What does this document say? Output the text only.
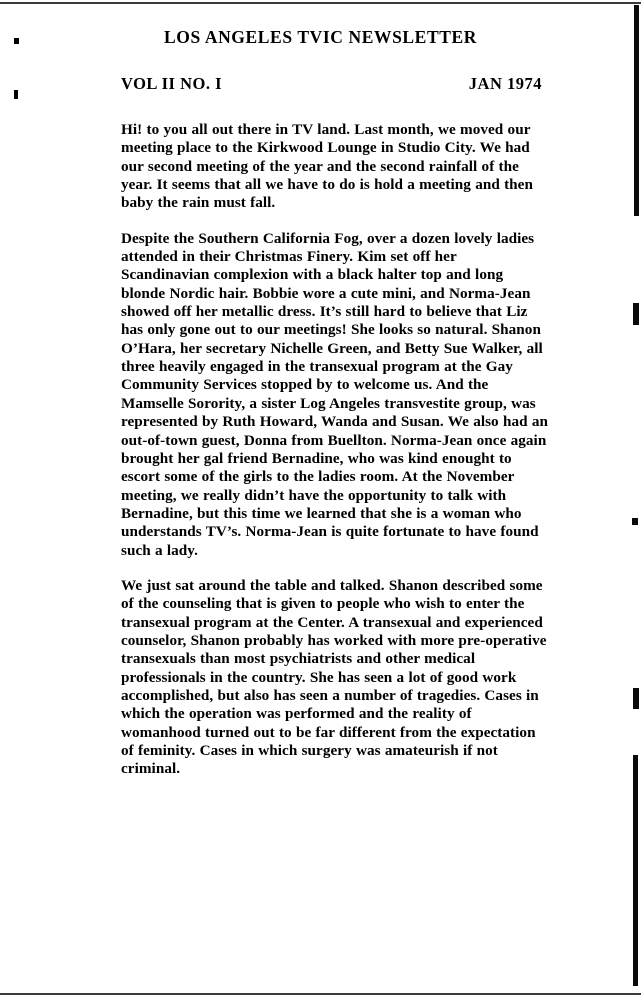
LOS ANGELES TVIC NEWSLETTER
VOL II NO. I	JAN 1974

Hi! to you all out there in TV land. Last month, we moved our meeting place to the Kirkwood Lounge in Studio City. We had our second meeting of the year and the second rainfall of the year. It seems that all we have to do is hold a meeting and then baby the rain must fall.

Despite the Southern California Fog, over a dozen lovely ladies attended in their Christmas Finery. Kim set off her Scandinavian complexion with a black halter top and long blonde Nordic hair. Bobbie wore a cute mini, and Norma-Jean showed off her metallic dress. It’s still hard to believe that Liz has only gone out to our meetings! She looks so natural. Shanon O’Hara, her secretary Nichelle Green, and Betty Sue Walker, all three heavily engaged in the transexual program at the Gay Community Services stopped by to welcome us. And the Mamselle Sorority, a sister Log Angeles transvestite group, was represented by Ruth Howard, Wanda and Susan. We also had an out-of-town guest, Donna from Buellton. Norma-Jean once again brought her gal friend Bernadine, who was kind enought to escort some of the girls to the ladies room. At the November meeting, we really didn’t have the opportunity to talk with Bernadine, but this time we learned that she is a woman who understands TV’s. Norma-Jean is quite fortunate to have found such a lady.

We just sat around the table and talked. Shanon described some of the counseling that is given to people who wish to enter the transexual program at the Center. A transexual and experienced counselor, Shanon probably has worked with more pre-operative transexuals than most psychiatrists and other medical professionals in the country. She has seen a lot of good work accomplished, but also has seen a number of tragedies. Cases in which the operation was performed and the reality of womanhood turned out to be far different from the expectation of feminity. Cases in which surgery was amateurish if not criminal.
